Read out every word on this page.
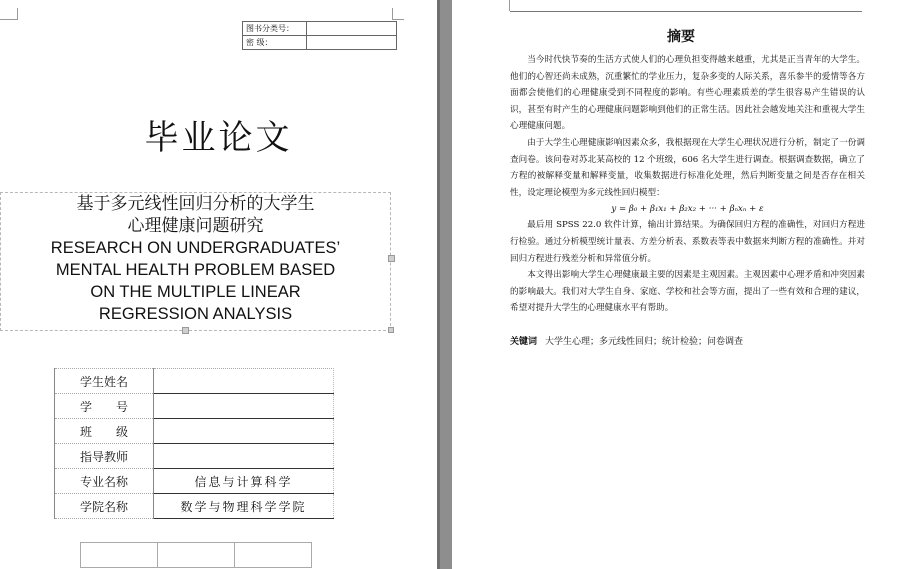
图书分类号：	
密 级：	
毕业论文
基于多元线性回归分析的大学生
心理健康问题研究
RESEARCH ON UNDERGRADUATES’
MENTAL HEALTH PROBLEM BASED
ON THE MULTIPLE LINEAR
REGRESSION ANALYSIS
学生姓名	
学　　号	
班　　级	
指导教师	
专业名称	信息与计算科学
学院名称	数学与物理科学学院

摘要

当今时代快节奏的生活方式使人们的心理负担变得越来越重，尤其是正当青年的大学生。他们的心智还尚未成熟，沉重繁忙的学业压力，复杂多变的人际关系，喜乐参半的爱情等各方面都会使他们的心理健康受到不同程度的影响。有些心理素质差的学生很容易产生错误的认识，甚至有时产生的心理健康问题影响到他们的正常生活。因此社会越发地关注和重视大学生心理健康问题。

由于大学生心理健康影响因素众多，我根据现在大学生心理状况进行分析，制定了一份调查问卷。该问卷对苏北某高校的 12 个班级，606 名大学生进行调查。根据调查数据，确立了方程的被解释变量和解释变量，收集数据进行标准化处理，然后判断变量之间是否存在相关性，设定理论模型为多元线性回归模型：

y = β₀ + β₁x₁ + β₂x₂ + ··· + βₙxₙ + ε

最后用 SPSS 22.0 软件计算，输出计算结果。为确保回归方程的准确性，对回归方程进行检验。通过分析模型统计量表、方差分析表、系数表等表中数据来判断方程的准确性。并对回归方程进行残差分析和异常值分析。

本文得出影响大学生心理健康最主要的因素是主观因素。主观因素中心理矛盾和冲突因素的影响最大。我们对大学生自身、家庭、学校和社会等方面，提出了一些有效和合理的建议，希望对提升大学生的心理健康水平有帮助。

关键词 大学生心理；多元线性回归；统计检验；问卷调查
